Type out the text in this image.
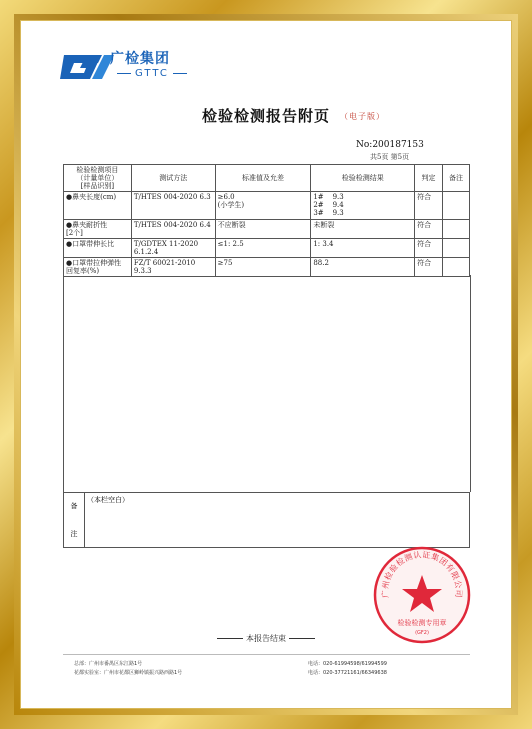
广检集团
GTTC
检验检测报告附页 （电子版）
No:200187153
共5页 第5页
检验检测项目
（计量单位）
[样品识别]	测试方法	标准值及允差	检验检测结果	判定	备注
●鼻夹长度(cm)	T/HTES 004-2020 6.3	≥6.0
(小学生)	1#    9.3
2#    9.4
3#    9.3	符合	
●鼻夹耐折性
[2个]	T/HTES 004-2020 6.4	不应断裂	未断裂	符合	
●口罩带伸长比	T/GDTEX 11-2020
6.1.2.4	≤1: 2.5	1: 3.4	符合	
●口罩带拉伸弹性
回复率(%)	FZ/T 60021-2010 9.3.3	≥75	88.2	符合	
备
注
	（本栏空白）
广州检验检测认证集团有限公司
检验检测专用章
(GF2)
本报告结束
总部：广州市番禺区东江路1号
花都实验室：广州市花都区狮岭镇振兴路西路1号
电话：020-61994598/61994599
电话：020-37721161/66349638
